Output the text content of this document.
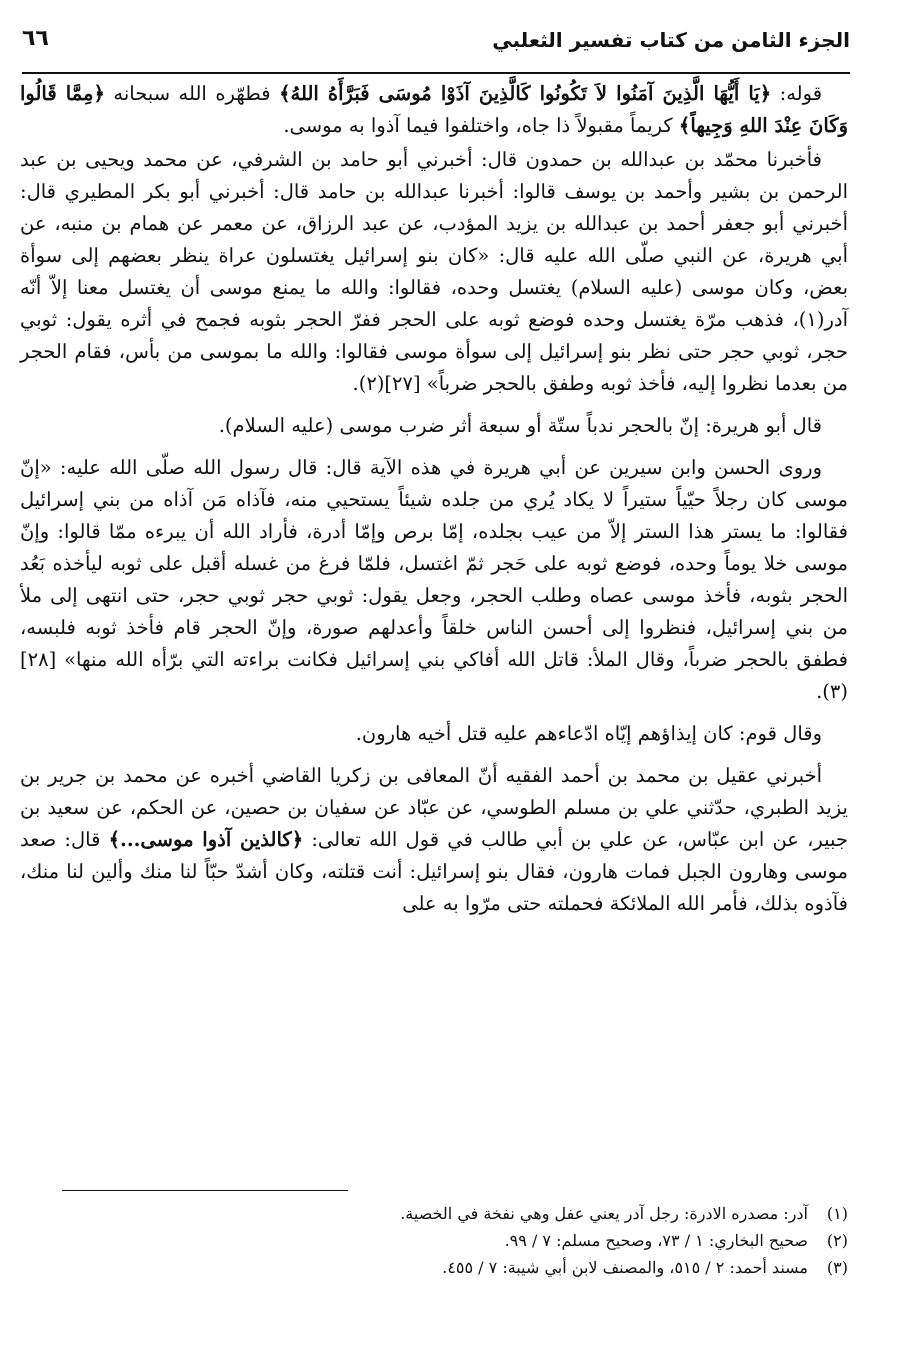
الجزء الثامن من كتاب تفسير الثعلبي
٦٦

قوله: ﴿يَا أَيُّهَا الَّذِينَ آمَنُوا لاَ تَكُونُوا كَالَّذِينَ آذَوْا مُوسَى فَبَرَّأَهُ اللهُ﴾ فطهّره الله سبحانه ﴿مِمَّا قَالُوا وَكَانَ عِنْدَ اللهِ وَجِيهاً﴾ كريماً مقبولاً ذا جاه، واختلفوا فيما آذوا به موسى.

فأخبرنا محمّد بن عبدالله بن حمدون قال: أخبرني أبو حامد بن الشرفي، عن محمد ويحيى بن عبد الرحمن بن بشير وأحمد بن يوسف قالوا: أخبرنا عبدالله بن حامد قال: أخبرني أبو بكر المطيري قال: أخبرني أبو جعفر أحمد بن عبدالله بن يزيد المؤدب، عن عبد الرزاق، عن معمر عن همام بن منبه، عن أبي هريرة، عن النبي صلّى الله عليه قال: «كان بنو إسرائيل يغتسلون عراة ينظر بعضهم إلى سوأة بعض، وكان موسى (عليه السلام) يغتسل وحده، فقالوا: والله ما يمنع موسى أن يغتسل معنا إلاّ أنّه آدر(١)، فذهب مرّة يغتسل وحده فوضع ثوبه على الحجر ففرّ الحجر بثوبه فجمح في أثره يقول: ثوبي حجر، ثوبي حجر حتى نظر بنو إسرائيل إلى سوأة موسى فقالوا: والله ما بموسى من بأس، فقام الحجر من بعدما نظروا إليه، فأخذ ثوبه وطفق بالحجر ضرباً» [٢٧](٢).

قال أبو هريرة: إنّ بالحجر ندباً ستّة أو سبعة أثر ضرب موسى (عليه السلام).

وروى الحسن وابن سيرين عن أبي هريرة في هذه الآية قال: قال رسول الله صلّى الله عليه: «إنّ موسى كان رجلاً حيّياً ستيراً لا يكاد يُري من جلده شيئاً يستحيي منه، فآذاه مَن آذاه من بني إسرائيل فقالوا: ما يستر هذا الستر إلاّ من عيب بجلده، إمّا برص وإمّا أدرة، فأراد الله أن يبرءه ممّا قالوا: وإنّ موسى خلا يوماً وحده، فوضع ثوبه على حَجر ثمّ اغتسل، فلمّا فرغ من غسله أقبل على ثوبه ليأخذه بَعُد الحجر بثوبه، فأخذ موسى عصاه وطلب الحجر، وجعل يقول: ثوبي حجر ثوبي حجر، حتى انتهى إلى ملأ من بني إسرائيل، فنظروا إلى أحسن الناس خلقاً وأعدلهم صورة، وإنّ الحجر قام فأخذ ثوبه فلبسه، فطفق بالحجر ضرباً، وقال الملأ: قاتل الله أفاكي بني إسرائيل فكانت براءته التي برّأه الله منها» [٢٨](٣).

وقال قوم: كان إيذاؤهم إيّاه ادّعاءهم عليه قتل أخيه هارون.

أخبرني عقيل بن محمد بن أحمد الفقيه أنّ المعافى بن زكريا القاضي أخبره عن محمد بن جرير بن يزيد الطبري، حدّثني علي بن مسلم الطوسي، عن عبّاد عن سفيان بن حصين، عن الحكم، عن سعيد بن جبير، عن ابن عبّاس، عن علي بن أبي طالب في قول الله تعالى: ﴿كالذين آذوا موسى...﴾ قال: صعد موسى وهارون الجبل فمات هارون، فقال بنو إسرائيل: أنت قتلته، وكان أشدّ حبّاً لنا منك وألين لنا منك، فآذوه بذلك، فأمر الله الملائكة فحملته حتى مرّوا به على

(١)آدر: مصدره الادرة: رجل آدر يعني عفل وهي نفخة في الخصية.

(٢)صحيح البخاري: ١ / ٧٣، وصحيح مسلم: ٧ / ٩٩.

(٣)مسند أحمد: ٢ / ٥١٥، والمصنف لابن أبي شيبة: ٧ / ٤٥٥.
